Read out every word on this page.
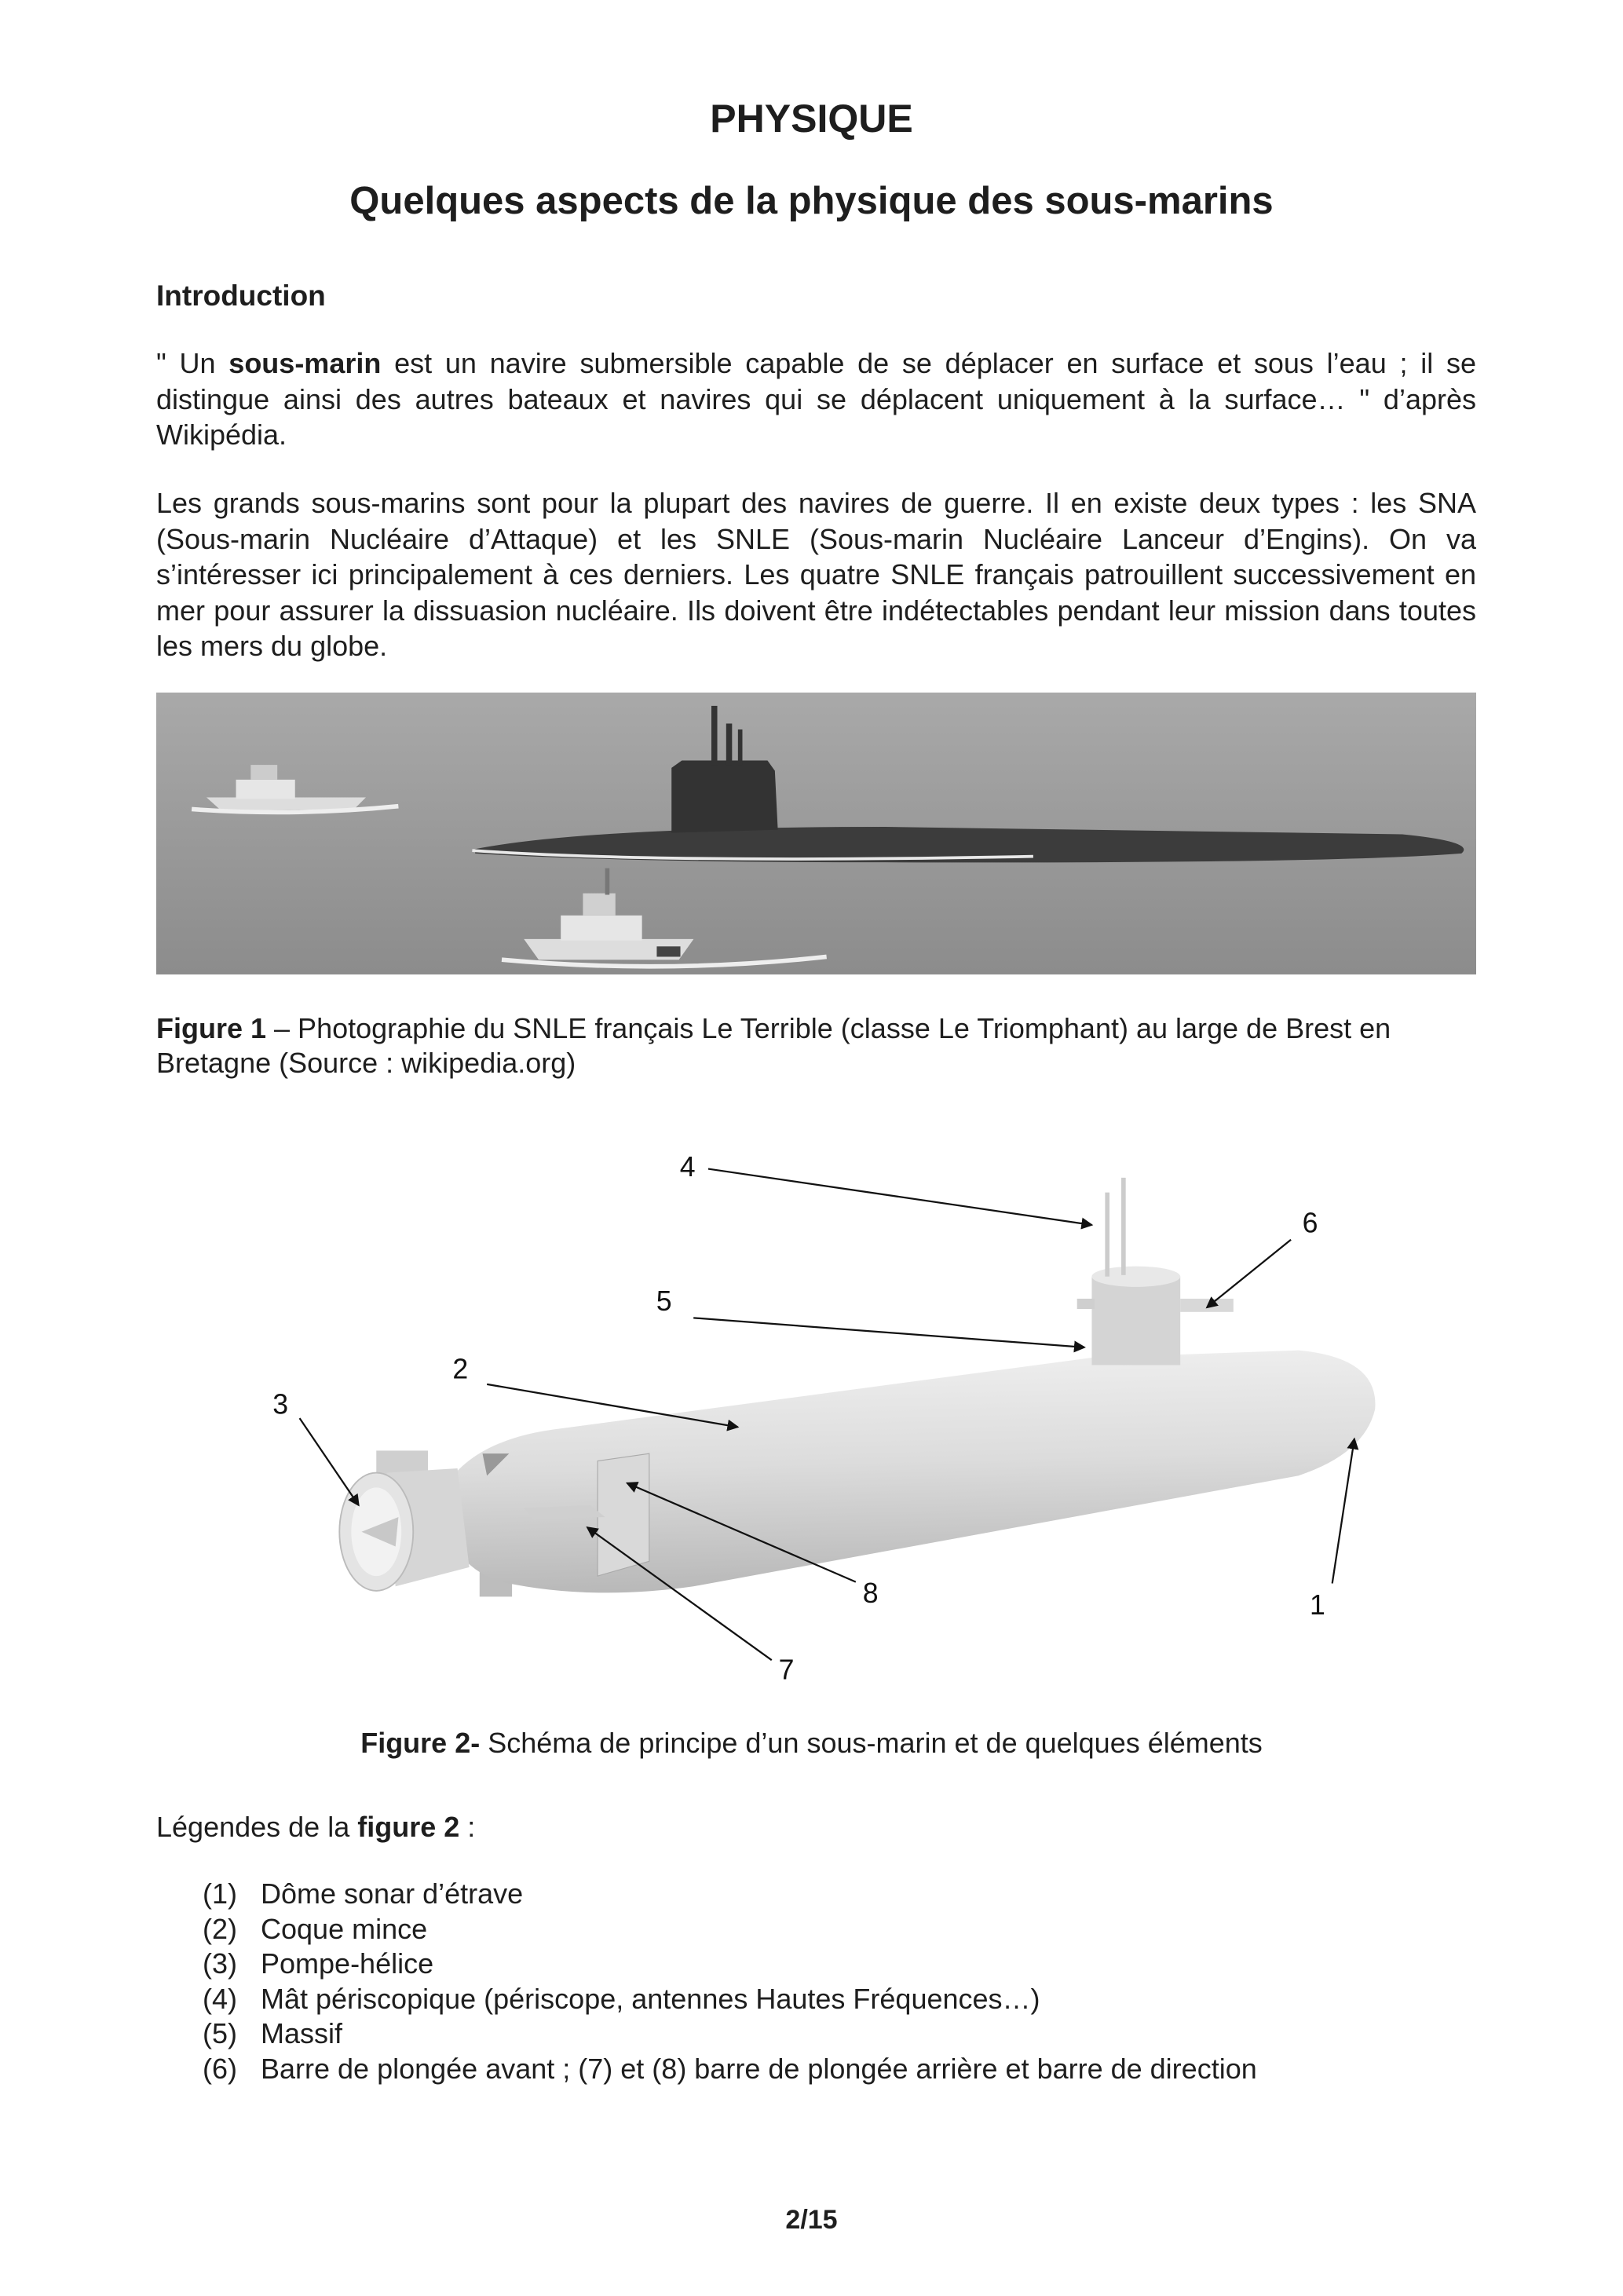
PHYSIQUE
Quelques aspects de la physique des sous-marins
Introduction
" Un sous-marin est un navire submersible capable de se déplacer en surface et sous l’eau ; il se distingue ainsi des autres bateaux et navires qui se déplacent uniquement à la surface… " d’après Wikipédia.
Les grands sous-marins sont pour la plupart des navires de guerre. Il en existe deux types : les SNA (Sous-marin Nucléaire d’Attaque) et les SNLE (Sous-marin Nucléaire Lanceur d’Engins). On va s’intéresser ici principalement à ces derniers. Les quatre SNLE français patrouillent successivement en mer pour assurer la dissuasion nucléaire. Ils doivent être indétectables pendant leur mission dans toutes les mers du globe.
Figure 1 – Photographie du SNLE français Le Terrible (classe Le Triomphant) au large de Brest en Bretagne (Source : wikipedia.org)
1
2
3
4
5
6
7
8
Figure 2- Schéma de principe d’un sous-marin et de quelques éléments
Légendes de la figure 2 :
(1) Dôme sonar d’étrave
(2) Coque mince
(3) Pompe-hélice
(4) Mât périscopique (périscope, antennes Hautes Fréquences…)
(5) Massif
(6) Barre de plongée avant ; (7) et (8) barre de plongée arrière et barre de direction
2/15
